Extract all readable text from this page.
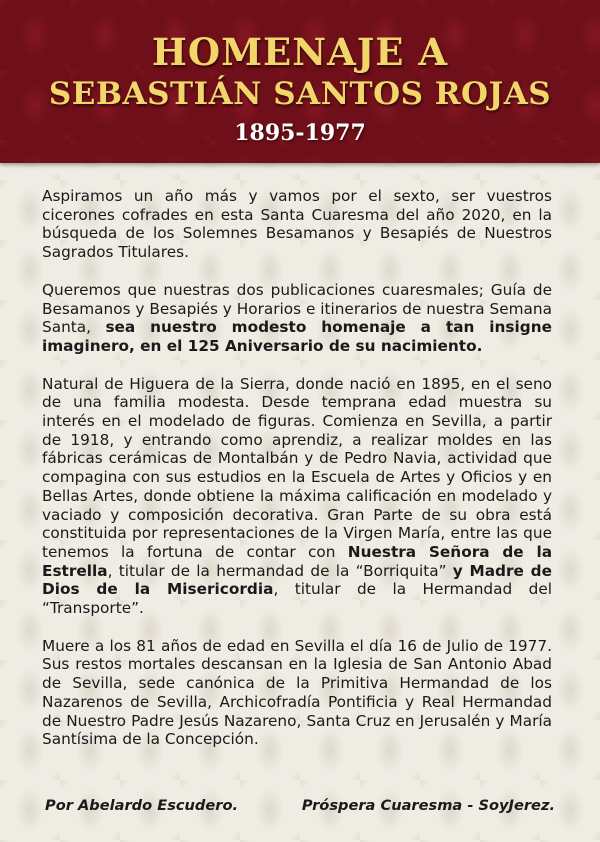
HOMENAJE A
SEBASTIÁN SANTOS ROJAS
1895-1977

Aspiramos un año más y vamos por el sexto, ser vuestros cicerones cofrades en esta Santa Cuaresma del año 2020, en la búsqueda de los Solemnes Besamanos y Besapiés de Nuestros Sagrados Titulares.

Queremos que nuestras dos publicaciones cuaresmales; Guía de Besamanos y Besapiés y Horarios e itinerarios de nuestra Semana Santa, sea nuestro modesto homenaje a tan insigne imaginero, en el 125 Aniversario de su nacimiento.

Natural de Higuera de la Sierra, donde nació en 1895, en el seno de una familia modesta. Desde temprana edad muestra su interés en el modelado de figuras. Comienza en Sevilla, a partir de 1918, y entrando como aprendiz, a realizar moldes en las fábricas cerámicas de Montalbán y de Pedro Navia, actividad que compagina con sus estudios en la Escuela de Artes y Oficios y en Bellas Artes, donde obtiene la máxima calificación en modelado y vaciado y composición decorativa. Gran Parte de su obra está constituida por representaciones de la Virgen María, entre las que tenemos la fortuna de contar con Nuestra Señora de la Estrella, titular de la hermandad de la “Borriquita” y Madre de Dios de la Misericordia, titular de la Hermandad del “Transporte”.

Muere a los 81 años de edad en Sevilla el día 16 de Julio de 1977. Sus restos mortales descansan en la Iglesia de San Antonio Abad de Sevilla, sede canónica de la Primitiva Hermandad de los Nazarenos de Sevilla, Archicofradía Pontificia y Real Hermandad de Nuestro Padre Jesús Nazareno, Santa Cruz en Jerusalén y María Santísima de la Concepción.

Por Abelardo Escudero.	Próspera Cuaresma - SoyJerez.
